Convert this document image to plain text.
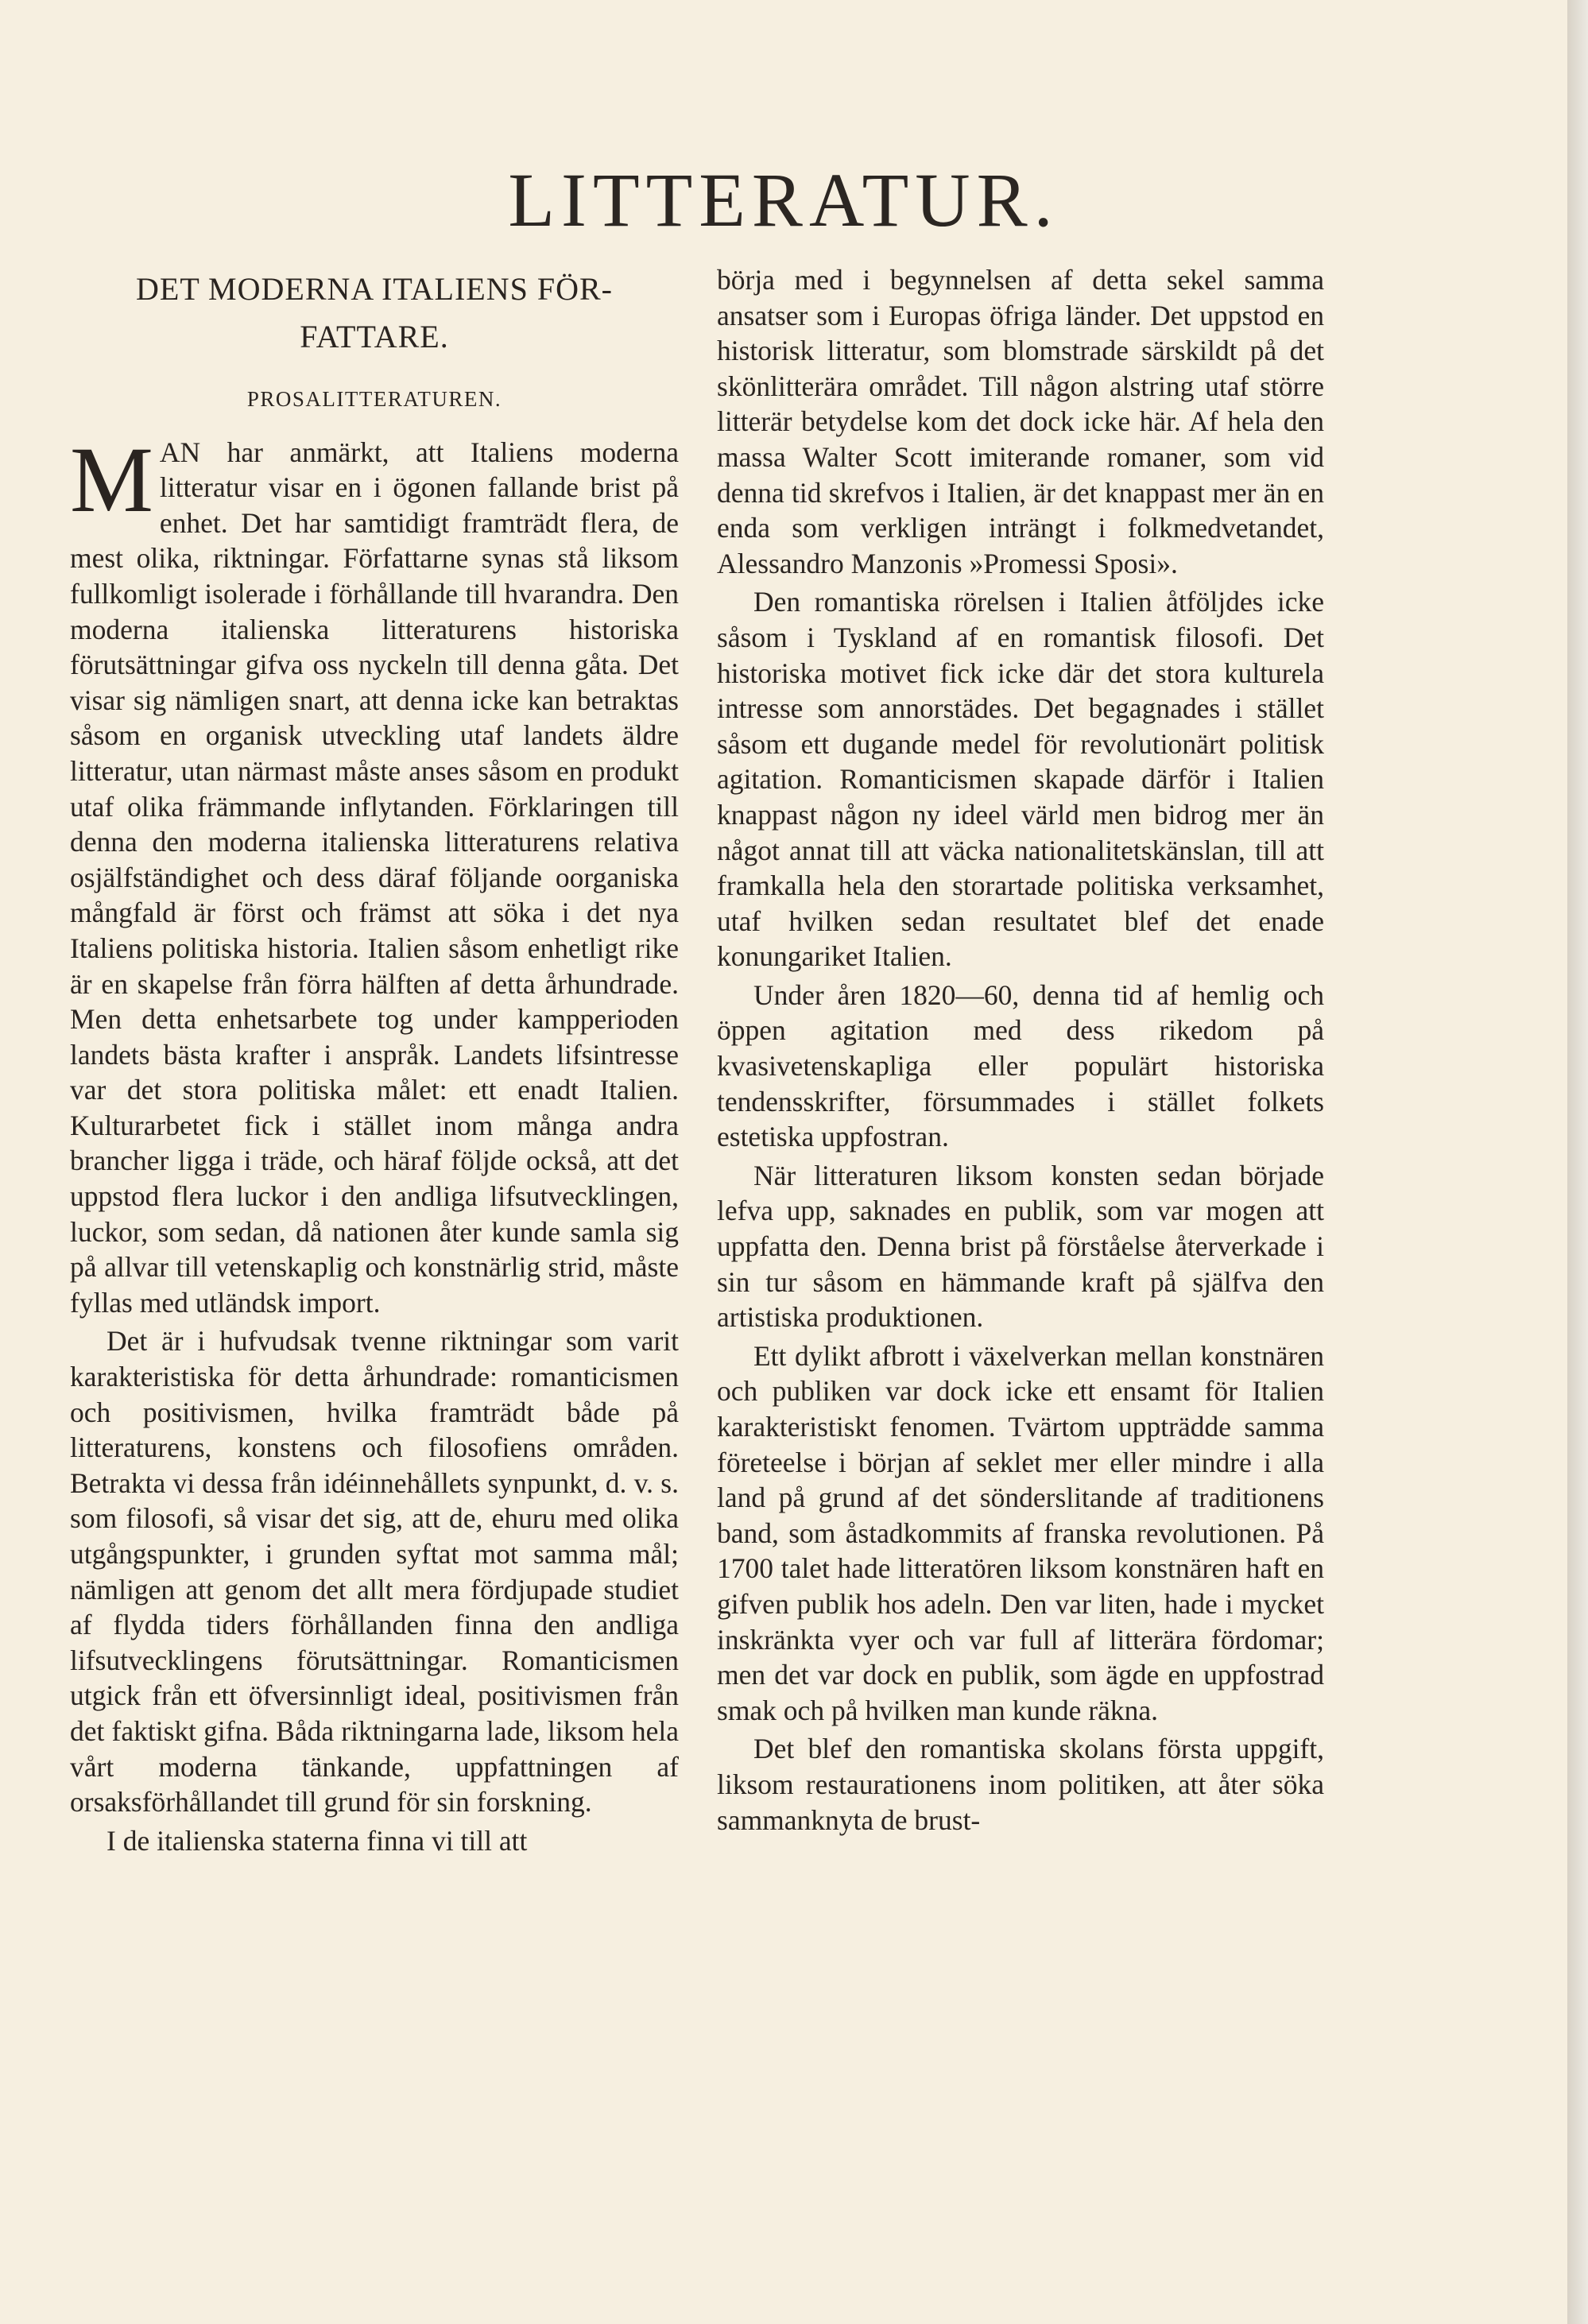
LITTERATUR.
DET MODERNA ITALIENS FÖR-FATTARE.
PROSALITTERATUREN.

MAN har anmärkt, att Italiens moderna litteratur visar en i ögonen fallande brist på enhet. Det har samtidigt framträdt flera, de mest olika, riktningar. Författarne synas stå liksom fullkomligt isolerade i förhållande till hvarandra. Den moderna italienska litteraturens historiska förutsättningar gifva oss nyckeln till denna gåta. Det visar sig nämligen snart, att denna icke kan betraktas såsom en organisk utveckling utaf landets äldre litteratur, utan närmast måste anses såsom en produkt utaf olika främmande inflytanden. Förklaringen till denna den moderna italienska litteraturens relativa osjälfständighet och dess däraf följande oorganiska mångfald är först och främst att söka i det nya Italiens politiska historia. Italien såsom enhetligt rike är en skapelse från förra hälften af detta århundrade. Men detta enhetsarbete tog under kampperioden landets bästa krafter i anspråk. Landets lifsintresse var det stora politiska målet: ett enadt Italien. Kulturarbetet fick i stället inom många andra brancher ligga i träde, och häraf följde också, att det uppstod flera luckor i den andliga lifsutvecklingen, luckor, som sedan, då nationen åter kunde samla sig på allvar till vetenskaplig och konstnärlig strid, måste fyllas med utländsk import.

Det är i hufvudsak tvenne riktningar som varit karakteristiska för detta århundrade: romanticismen och positivismen, hvilka framträdt både på litteraturens, konstens och filosofiens områden. Betrakta vi dessa från idéinnehållets synpunkt, d. v. s. som filosofi, så visar det sig, att de, ehuru med olika utgångspunkter, i grunden syftat mot samma mål; nämligen att genom det allt mera fördjupade studiet af flydda tiders förhållanden finna den andliga lifsutvecklingens förutsättningar. Romanticismen utgick från ett öfversinnligt ideal, positivismen från det faktiskt gifna. Båda riktningarna lade, liksom hela vårt moderna tänkande, uppfattningen af orsaksförhållandet till grund för sin forskning.

I de italienska staterna finna vi till att

börja med i begynnelsen af detta sekel samma ansatser som i Europas öfriga länder. Det uppstod en historisk litteratur, som blomstrade särskildt på det skönlitterära området. Till någon alstring utaf större litterär betydelse kom det dock icke här. Af hela den massa Walter Scott imiterande romaner, som vid denna tid skrefvos i Italien, är det knappast mer än en enda som verkligen inträngt i folkmedvetandet, Alessandro Manzonis »Promessi Sposi».

Den romantiska rörelsen i Italien åtföljdes icke såsom i Tyskland af en romantisk filosofi. Det historiska motivet fick icke där det stora kulturela intresse som annorstädes. Det begagnades i stället såsom ett dugande medel för revolutionärt politisk agitation. Romanticismen skapade därför i Italien knappast någon ny ideel värld men bidrog mer än något annat till att väcka nationalitetskänslan, till att framkalla hela den storartade politiska verksamhet, utaf hvilken sedan resultatet blef det enade konungariket Italien.

Under åren 1820—60, denna tid af hemlig och öppen agitation med dess rikedom på kvasivetenskapliga eller populärt historiska tendensskrifter, försummades i stället folkets estetiska uppfostran.

När litteraturen liksom konsten sedan började lefva upp, saknades en publik, som var mogen att uppfatta den. Denna brist på förståelse återverkade i sin tur såsom en hämmande kraft på själfva den artistiska produktionen.

Ett dylikt afbrott i växelverkan mellan konstnären och publiken var dock icke ett ensamt för Italien karakteristiskt fenomen. Tvärtom uppträdde samma företeelse i början af seklet mer eller mindre i alla land på grund af det sönderslitande af traditionens band, som åstadkommits af franska revolutionen. På 1700 talet hade litteratören liksom konstnären haft en gifven publik hos adeln. Den var liten, hade i mycket inskränkta vyer och var full af litterära fördomar; men det var dock en publik, som ägde en uppfostrad smak och på hvilken man kunde räkna.

Det blef den romantiska skolans första uppgift, liksom restaurationens inom politiken, att åter söka sammanknyta de brust-
